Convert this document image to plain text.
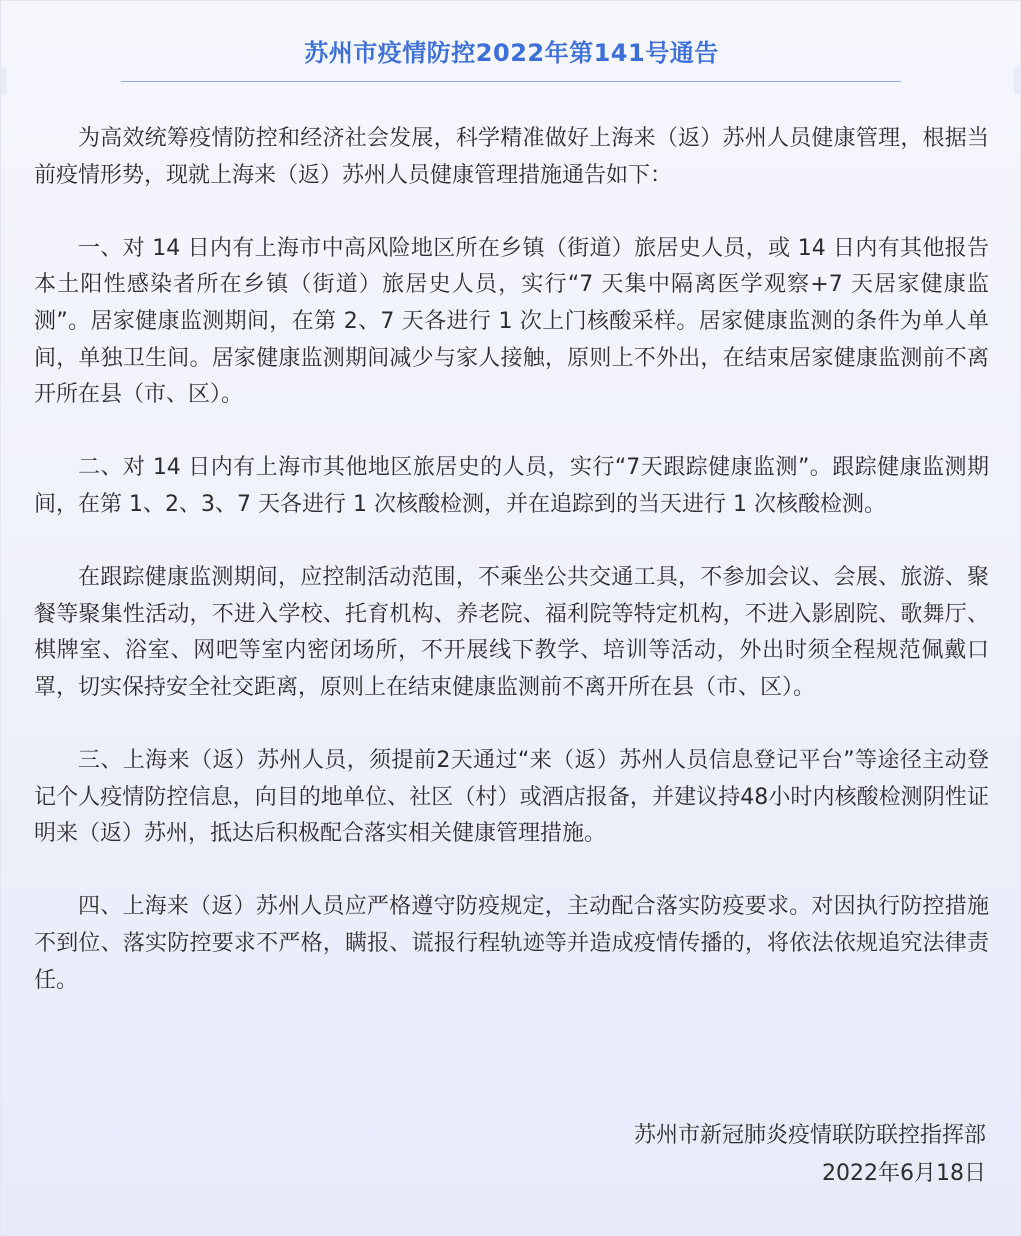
苏州市疫情防控2022年第141号通告

为高效统筹疫情防控和经济社会发展，科学精准做好上海来（返）苏州人员健康管理，根据当前疫情形势，现就上海来（返）苏州人员健康管理措施通告如下：

一、对 14 日内有上海市中高风险地区所在乡镇（街道）旅居史人员，或 14 日内有其他报告本土阳性感染者所在乡镇（街道）旅居史人员，实行“7 天集中隔离医学观察+7 天居家健康监测”。居家健康监测期间，在第 2、7 天各进行 1 次上门核酸采样。居家健康监测的条件为单人单间，单独卫生间。居家健康监测期间减少与家人接触，原则上不外出，在结束居家健康监测前不离开所在县（市、区）。

二、对 14 日内有上海市其他地区旅居史的人员，实行“7天跟踪健康监测”。跟踪健康监测期间，在第 1、2、3、7 天各进行 1 次核酸检测，并在追踪到的当天进行 1 次核酸检测。

在跟踪健康监测期间，应控制活动范围，不乘坐公共交通工具，不参加会议、会展、旅游、聚餐等聚集性活动，不进入学校、托育机构、养老院、福利院等特定机构，不进入影剧院、歌舞厅、棋牌室、浴室、网吧等室内密闭场所，不开展线下教学、培训等活动，外出时须全程规范佩戴口罩，切实保持安全社交距离，原则上在结束健康监测前不离开所在县（市、区）。

三、上海来（返）苏州人员，须提前2天通过“来（返）苏州人员信息登记平台”等途径主动登记个人疫情防控信息，向目的地单位、社区（村）或酒店报备，并建议持48小时内核酸检测阴性证明来（返）苏州，抵达后积极配合落实相关健康管理措施。

四、上海来（返）苏州人员应严格遵守防疫规定，主动配合落实防疫要求。对因执行防控措施不到位、落实防控要求不严格，瞒报、谎报行程轨迹等并造成疫情传播的，将依法依规追究法律责任。

苏州市新冠肺炎疫情联防联控指挥部
2022年6月18日
